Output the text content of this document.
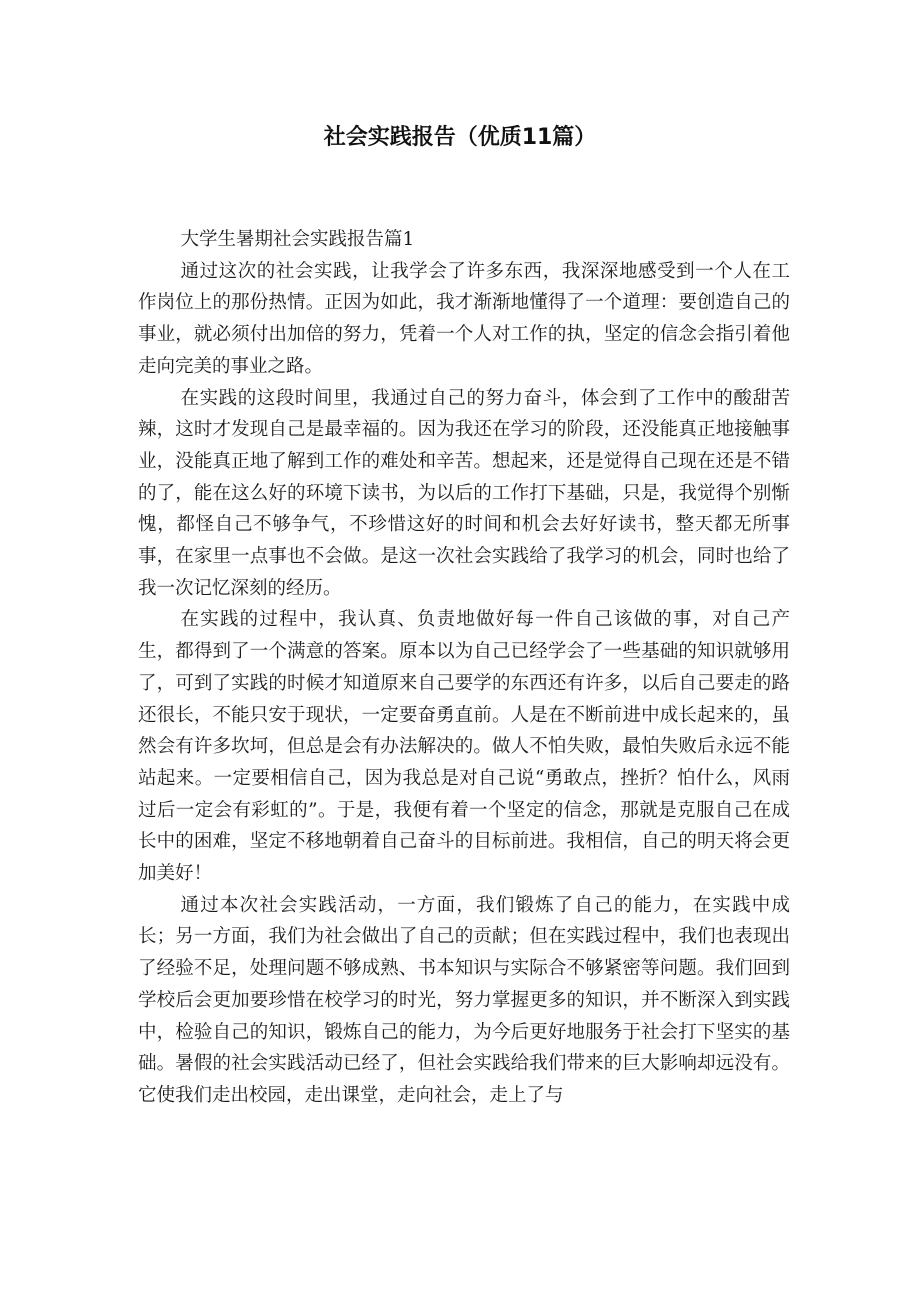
社会实践报告（优质11篇）

大学生暑期社会实践报告篇1

通过这次的社会实践，让我学会了许多东西，我深深地感受到一个人在工作岗位上的那份热情。正因为如此，我才渐渐地懂得了一个道理：要创造自己的事业，就必须付出加倍的努力，凭着一个人对工作的执，坚定的信念会指引着他走向完美的事业之路。

在实践的这段时间里，我通过自己的努力奋斗，体会到了工作中的酸甜苦辣，这时才发现自己是最幸福的。因为我还在学习的阶段，还没能真正地接触事业，没能真正地了解到工作的难处和辛苦。想起来，还是觉得自己现在还是不错的了，能在这么好的环境下读书，为以后的工作打下基础，只是，我觉得个别惭愧，都怪自己不够争气，不珍惜这好的时间和机会去好好读书，整天都无所事事，在家里一点事也不会做。是这一次社会实践给了我学习的机会，同时也给了我一次记忆深刻的经历。

在实践的过程中，我认真、负责地做好每一件自己该做的事，对自己产生，都得到了一个满意的答案。原本以为自己已经学会了一些基础的知识就够用了，可到了实践的时候才知道原来自己要学的东西还有许多，以后自己要走的路还很长，不能只安于现状，一定要奋勇直前。人是在不断前进中成长起来的，虽然会有许多坎坷，但总是会有办法解决的。做人不怕失败，最怕失败后永远不能站起来。一定要相信自己，因为我总是对自己说“勇敢点，挫折？怕什么，风雨过后一定会有彩虹的”。于是，我便有着一个坚定的信念，那就是克服自己在成长中的困难，坚定不移地朝着自己奋斗的目标前进。我相信，自己的明天将会更加美好！

通过本次社会实践活动，一方面，我们锻炼了自己的能力，在实践中成长；另一方面，我们为社会做出了自己的贡献；但在实践过程中，我们也表现出了经验不足，处理问题不够成熟、书本知识与实际合不够紧密等问题。我们回到学校后会更加要珍惜在校学习的时光，努力掌握更多的知识，并不断深入到实践中，检验自己的知识，锻炼自己的能力，为今后更好地服务于社会打下坚实的基础。暑假的社会实践活动已经了，但社会实践给我们带来的巨大影响却远没有。它使我们走出校园，走出课堂，走向社会，走上了与
